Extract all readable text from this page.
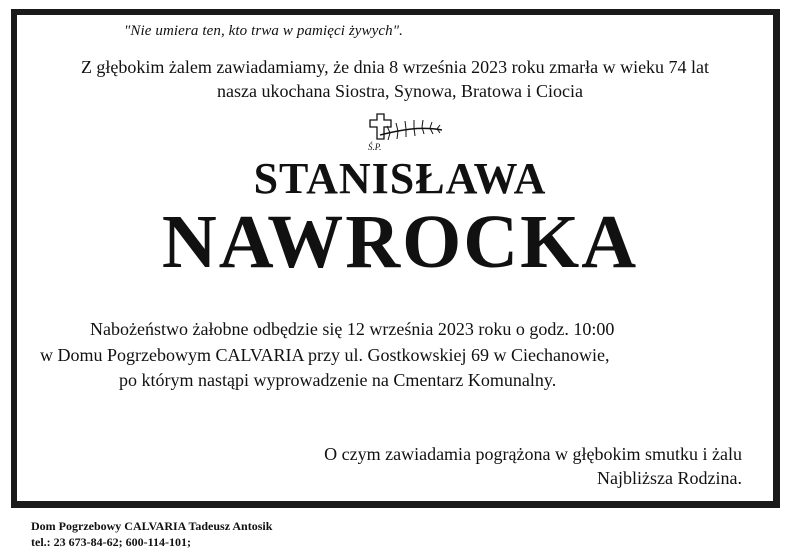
"Nie umiera ten, kto trwa w pamięci żywych".
Z głębokim żalem zawiadamiamy, że dnia 8 września 2023 roku zmarła w wieku 74 lat
nasza ukochana Siostra, Synowa, Bratowa i Ciocia
Ś.P.
STANISŁAWA
NAWROCKA
Nabożeństwo żałobne odbędzie się 12 września 2023 roku o godz. 10:00
w Domu Pogrzebowym CALVARIA przy ul. Gostkowskiej 69 w Ciechanowie,
po którym nastąpi wyprowadzenie na Cmentarz Komunalny.
O czym zawiadamia pogrążona w głębokim smutku i żalu
Najbliższa Rodzina.
Dom Pogrzebowy CALVARIA Tadeusz Antosik
tel.: 23 673-84-62; 600-114-101;
